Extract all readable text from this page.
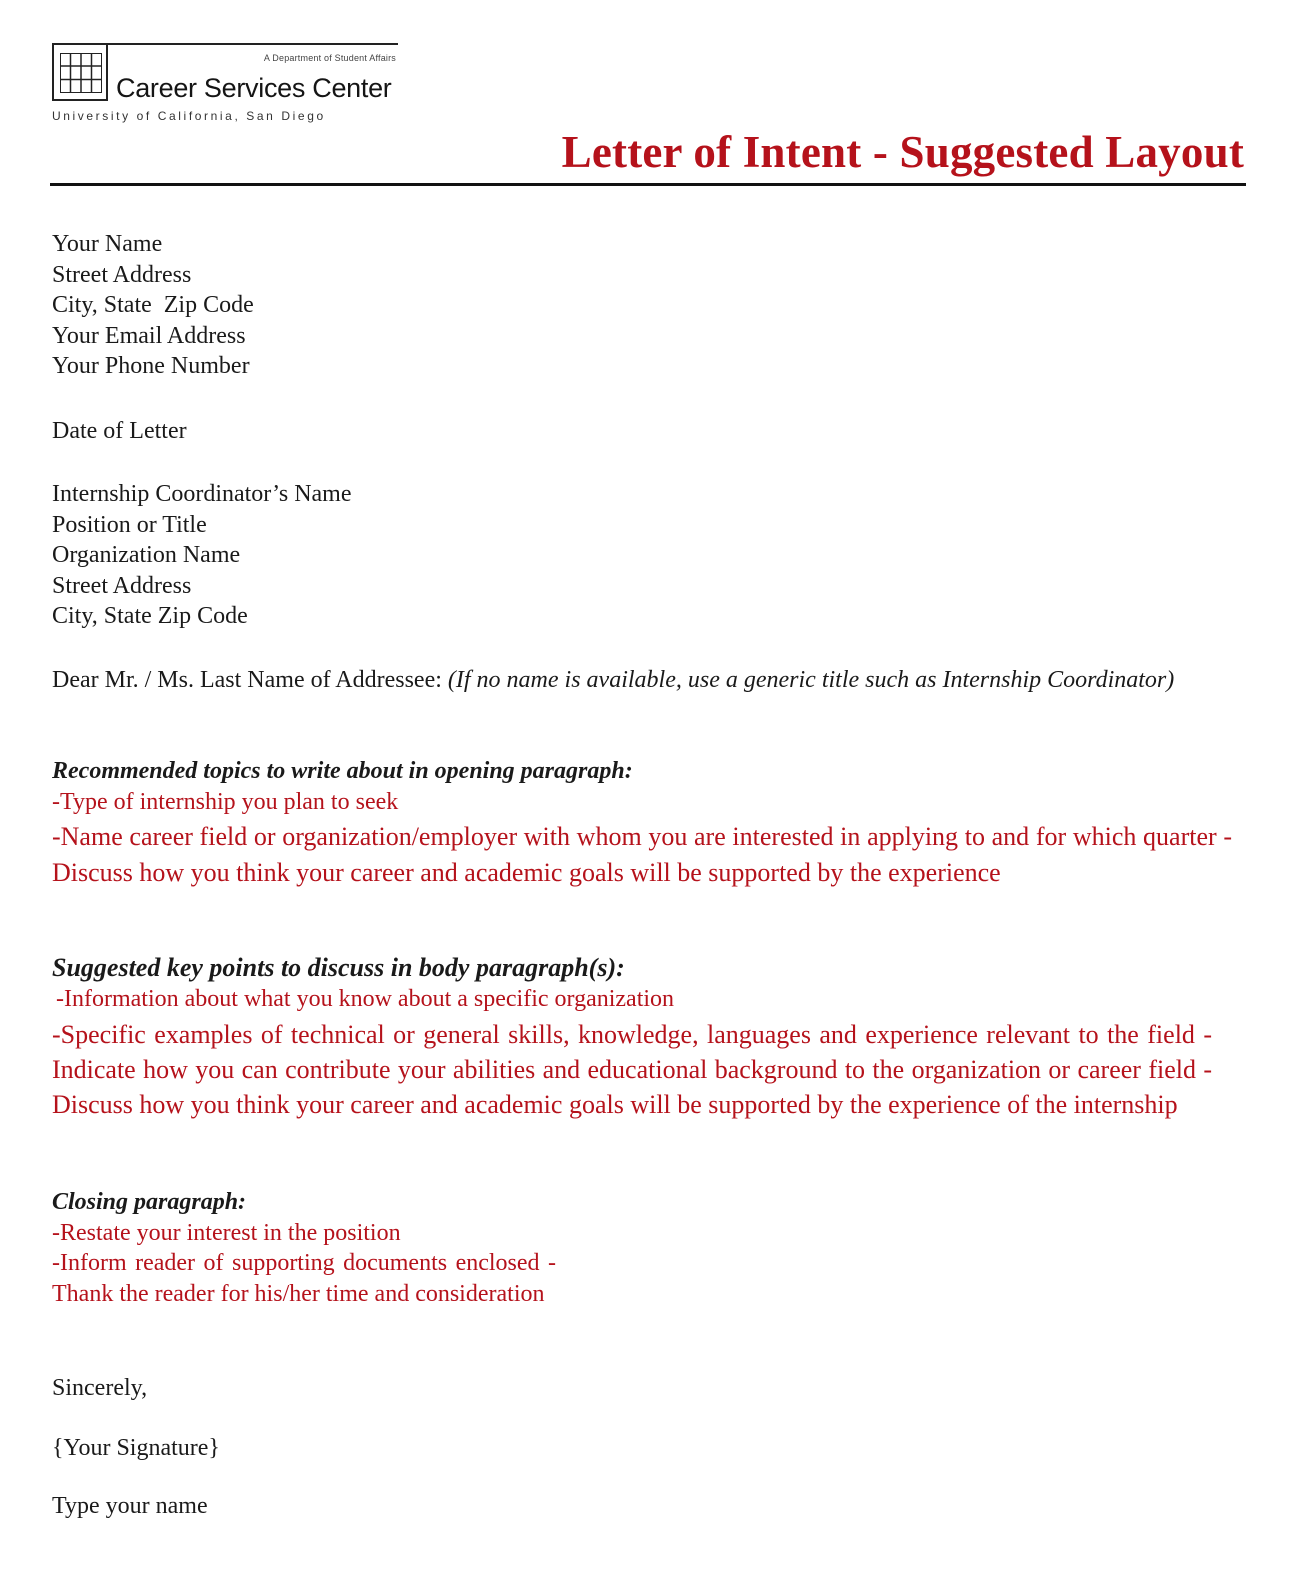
A Department of Student Affairs
Career Services Center
University of California, San Diego
Letter of Intent - Suggested Layout
Your Name
Street Address
City, State  Zip Code
Your Email Address
Your Phone Number
Date of Letter
Internship Coordinator’s Name
Position or Title
Organization Name
Street Address
City, State Zip Code
Dear Mr. / Ms. Last Name of Addressee: (If no name is available, use a generic title such as Internship Coordinator)
Recommended topics to write about in opening paragraph:
-Type of internship you plan to seek
-Name career field or organization/employer with whom you are interested in applying to and for which quarter -Discuss how you think your career and academic goals will be supported by the experience
Suggested key points to discuss in body paragraph(s):
-Information about what you know about a specific organization
-Specific examples of technical or general skills, knowledge, languages and experience relevant to the field -Indicate how you can contribute your abilities and educational background to the organization or career field -Discuss how you think your career and academic goals will be supported by the experience of the internship
Closing paragraph:
-Restate your interest in the position
-Inform reader of supporting documents enclosed -Thank the reader for his/her time and consideration
Sincerely,
{Your Signature}
Type your name
